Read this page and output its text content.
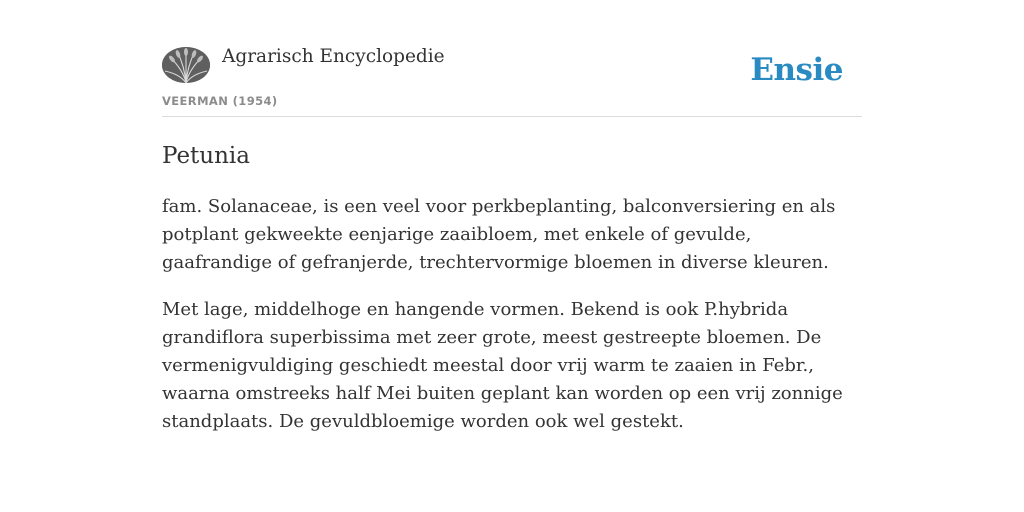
Agrarisch Encyclopedie
VEERMAN (1954)
Ensie
Petunia

fam. Solanaceae, is een veel voor perkbeplanting, balconversiering en als potplant gekweekte eenjarige zaaibloem, met enkele of gevulde, gaafrandige of gefranjerde, trechtervormige bloemen in diverse kleuren.

Met lage, middelhoge en hangende vormen. Bekend is ook P.hybrida grandiflora superbissima met zeer grote, meest gestreepte bloemen. De vermenigvuldiging geschiedt meestal door vrij warm te zaaien in Febr., waarna omstreeks half Mei buiten geplant kan worden op een vrij zonnige standplaats. De gevuldbloemige worden ook wel gestekt.
